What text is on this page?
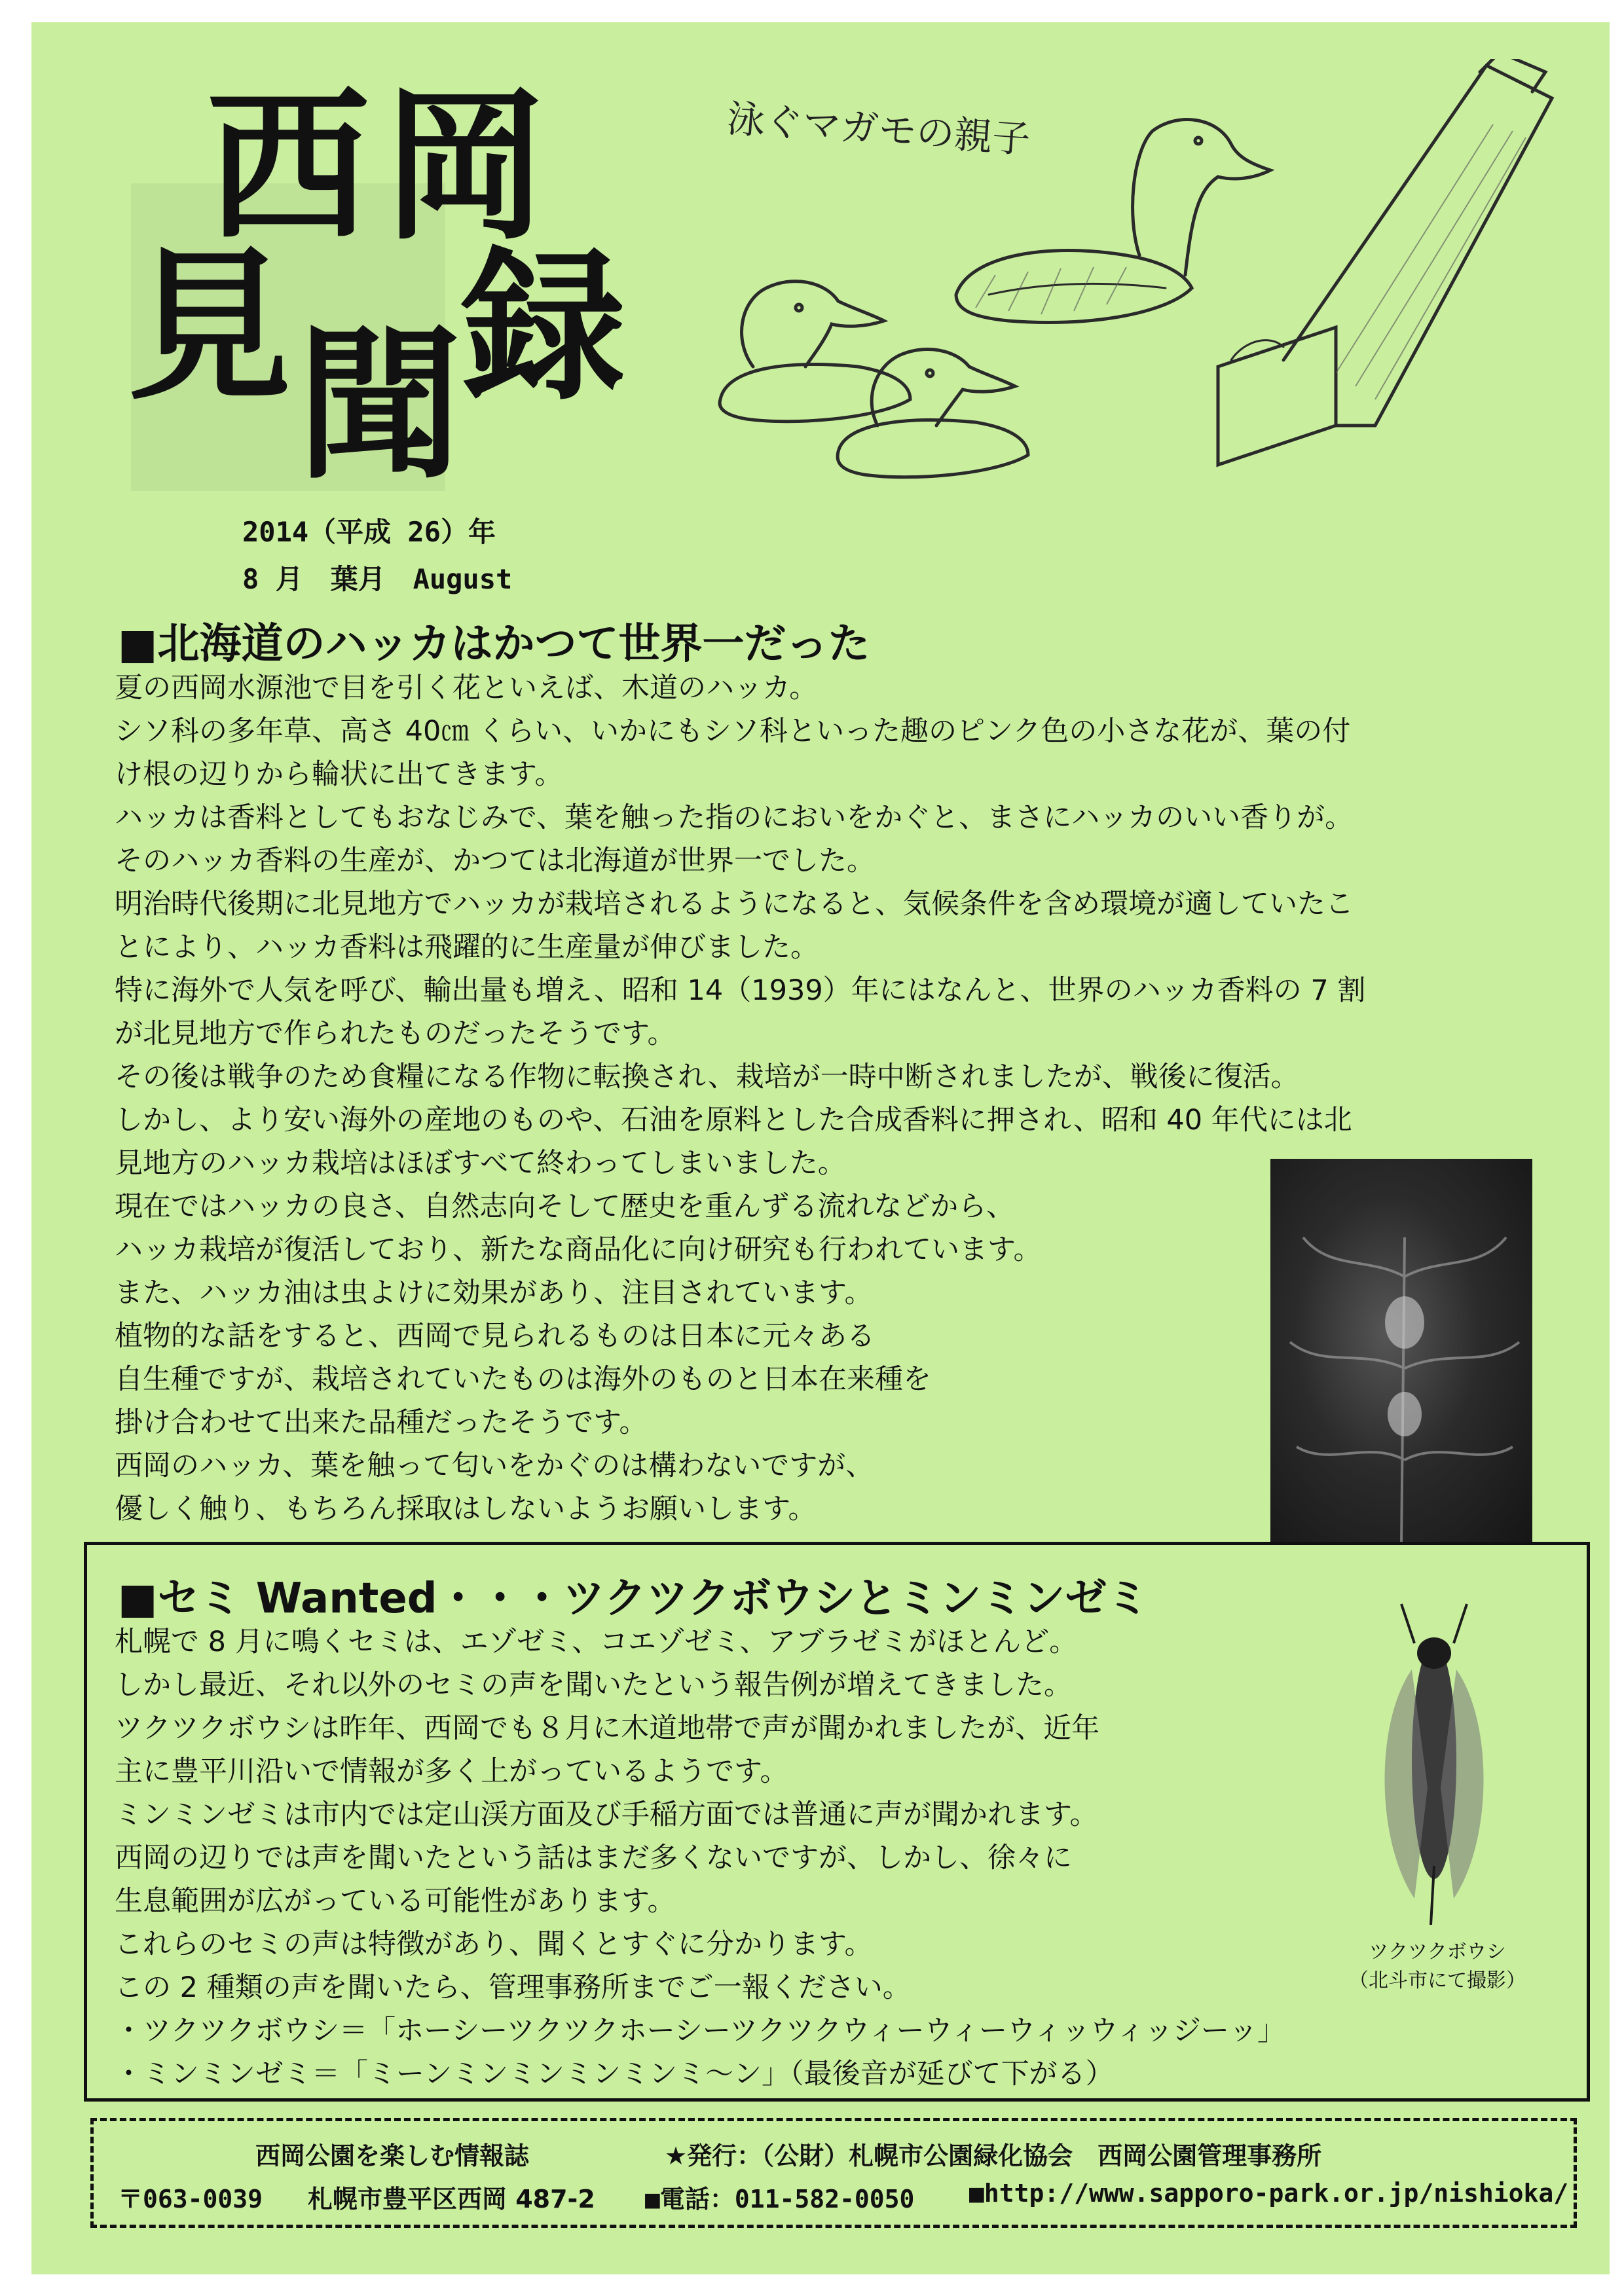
西 岡
見 聞 録
2014（平成 26）年
8 月　葉月　August
泳ぐマガモの親子
■北海道のハッカはかつて世界一だった

夏の西岡水源池で目を引く花といえば、木道のハッカ。

シソ科の多年草、高さ 40㎝ くらい、いかにもシソ科といった趣のピンク色の小さな花が、葉の付

け根の辺りから輪状に出てきます。

ハッカは香料としてもおなじみで、葉を触った指のにおいをかぐと、まさにハッカのいい香りが。

そのハッカ香料の生産が、かつては北海道が世界一でした。

明治時代後期に北見地方でハッカが栽培されるようになると、気候条件を含め環境が適していたこ

とにより、ハッカ香料は飛躍的に生産量が伸びました。

特に海外で人気を呼び、輸出量も増え、昭和 14（1939）年にはなんと、世界のハッカ香料の 7 割

が北見地方で作られたものだったそうです。

その後は戦争のため食糧になる作物に転換され、栽培が一時中断されましたが、戦後に復活。

しかし、より安い海外の産地のものや、石油を原料とした合成香料に押され、昭和 40 年代には北

見地方のハッカ栽培はほぼすべて終わってしまいました。

現在ではハッカの良さ、自然志向そして歴史を重んずる流れなどから、

ハッカ栽培が復活しており、新たな商品化に向け研究も行われています。

また、ハッカ油は虫よけに効果があり、注目されています。

植物的な話をすると、西岡で見られるものは日本に元々ある

自生種ですが、栽培されていたものは海外のものと日本在来種を

掛け合わせて出来た品種だったそうです。

西岡のハッカ、葉を触って匂いをかぐのは構わないですが、

優しく触り、もちろん採取はしないようお願いします。

■セミ Wanted・・・ツクツクボウシとミンミンゼミ

札幌で 8 月に鳴くセミは、エゾゼミ、コエゾゼミ、アブラゼミがほとんど。

しかし最近、それ以外のセミの声を聞いたという報告例が増えてきました。

ツクツクボウシは昨年、西岡でも８月に木道地帯で声が聞かれましたが、近年

主に豊平川沿いで情報が多く上がっているようです。

ミンミンゼミは市内では定山渓方面及び手稲方面では普通に声が聞かれます。

西岡の辺りでは声を聞いたという話はまだ多くないですが、しかし、徐々に

生息範囲が広がっている可能性があります。

これらのセミの声は特徴があり、聞くとすぐに分かります。

この 2 種類の声を聞いたら、管理事務所までご一報ください。

・ツクツクボウシ＝「ホーシーツクツクホーシーツクツクウィーウィーウィッウィッジーッ」

・ミンミンゼミ＝「ミーンミンミンミンミンミ～ン」（最後音が延びて下がる）

ツクツクボウシ
（北斗市にて撮影）
西岡公園を楽しむ情報誌	★発行：（公財）札幌市公園緑化協会　西岡公園管理事務所
〒063-0039 札幌市豊平区西岡 487-2 ■電話：011-582-0050 ■http://www.sapporo-park.or.jp/nishioka/
